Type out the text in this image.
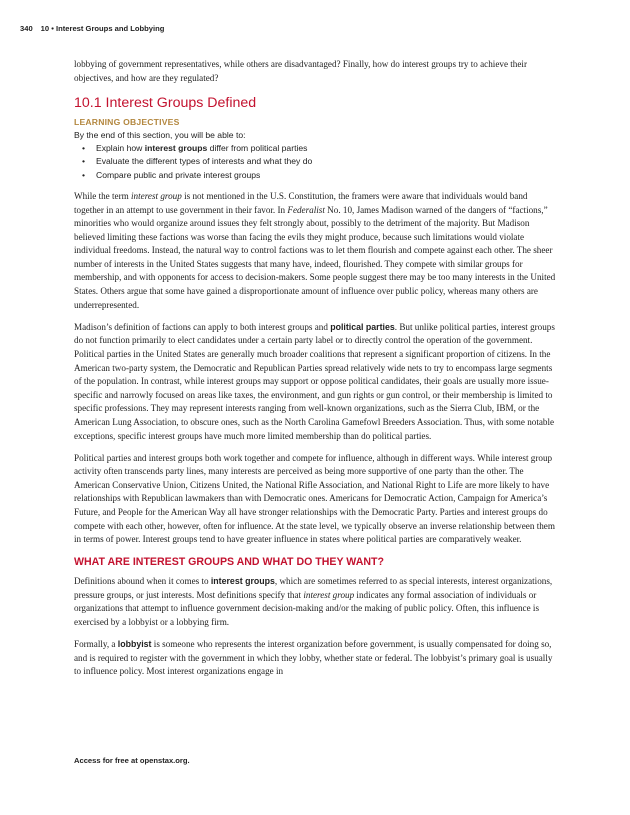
340 10 • Interest Groups and Lobbying

lobbying of government representatives, while others are disadvantaged? Finally, how do interest groups try to achieve their objectives, and how are they regulated?

10.1 Interest Groups Defined
LEARNING OBJECTIVES

By the end of this section, you will be able to:

• Explain how interest groups differ from political parties
• Evaluate the different types of interests and what they do
• Compare public and private interest groups

While the term interest group is not mentioned in the U.S. Constitution, the framers were aware that individuals would band together in an attempt to use government in their favor. In Federalist No. 10, James Madison warned of the dangers of “factions,” minorities who would organize around issues they felt strongly about, possibly to the detriment of the majority. But Madison believed limiting these factions was worse than facing the evils they might produce, because such limitations would violate individual freedoms. Instead, the natural way to control factions was to let them flourish and compete against each other. The sheer number of interests in the United States suggests that many have, indeed, flourished. They compete with similar groups for membership, and with opponents for access to decision-makers. Some people suggest there may be too many interests in the United States. Others argue that some have gained a disproportionate amount of influence over public policy, whereas many others are underrepresented.

Madison’s definition of factions can apply to both interest groups and political parties. But unlike political parties, interest groups do not function primarily to elect candidates under a certain party label or to directly control the operation of the government. Political parties in the United States are generally much broader coalitions that represent a significant proportion of citizens. In the American two-party system, the Democratic and Republican Parties spread relatively wide nets to try to encompass large segments of the population. In contrast, while interest groups may support or oppose political candidates, their goals are usually more issue-specific and narrowly focused on areas like taxes, the environment, and gun rights or gun control, or their membership is limited to specific professions. They may represent interests ranging from well-known organizations, such as the Sierra Club, IBM, or the American Lung Association, to obscure ones, such as the North Carolina Gamefowl Breeders Association. Thus, with some notable exceptions, specific interest groups have much more limited membership than do political parties.

Political parties and interest groups both work together and compete for influence, although in different ways. While interest group activity often transcends party lines, many interests are perceived as being more supportive of one party than the other. The American Conservative Union, Citizens United, the National Rifle Association, and National Right to Life are more likely to have relationships with Republican lawmakers than with Democratic ones. Americans for Democratic Action, Campaign for America’s Future, and People for the American Way all have stronger relationships with the Democratic Party. Parties and interest groups do compete with each other, however, often for influence. At the state level, we typically observe an inverse relationship between them in terms of power. Interest groups tend to have greater influence in states where political parties are comparatively weaker.

WHAT ARE INTEREST GROUPS AND WHAT DO THEY WANT?

Definitions abound when it comes to interest groups, which are sometimes referred to as special interests, interest organizations, pressure groups, or just interests. Most definitions specify that interest group indicates any formal association of individuals or organizations that attempt to influence government decision-making and/or the making of public policy. Often, this influence is exercised by a lobbyist or a lobbying firm.

Formally, a lobbyist is someone who represents the interest organization before government, is usually compensated for doing so, and is required to register with the government in which they lobby, whether state or federal. The lobbyist’s primary goal is usually to influence policy. Most interest organizations engage in

Access for free at openstax.org.
